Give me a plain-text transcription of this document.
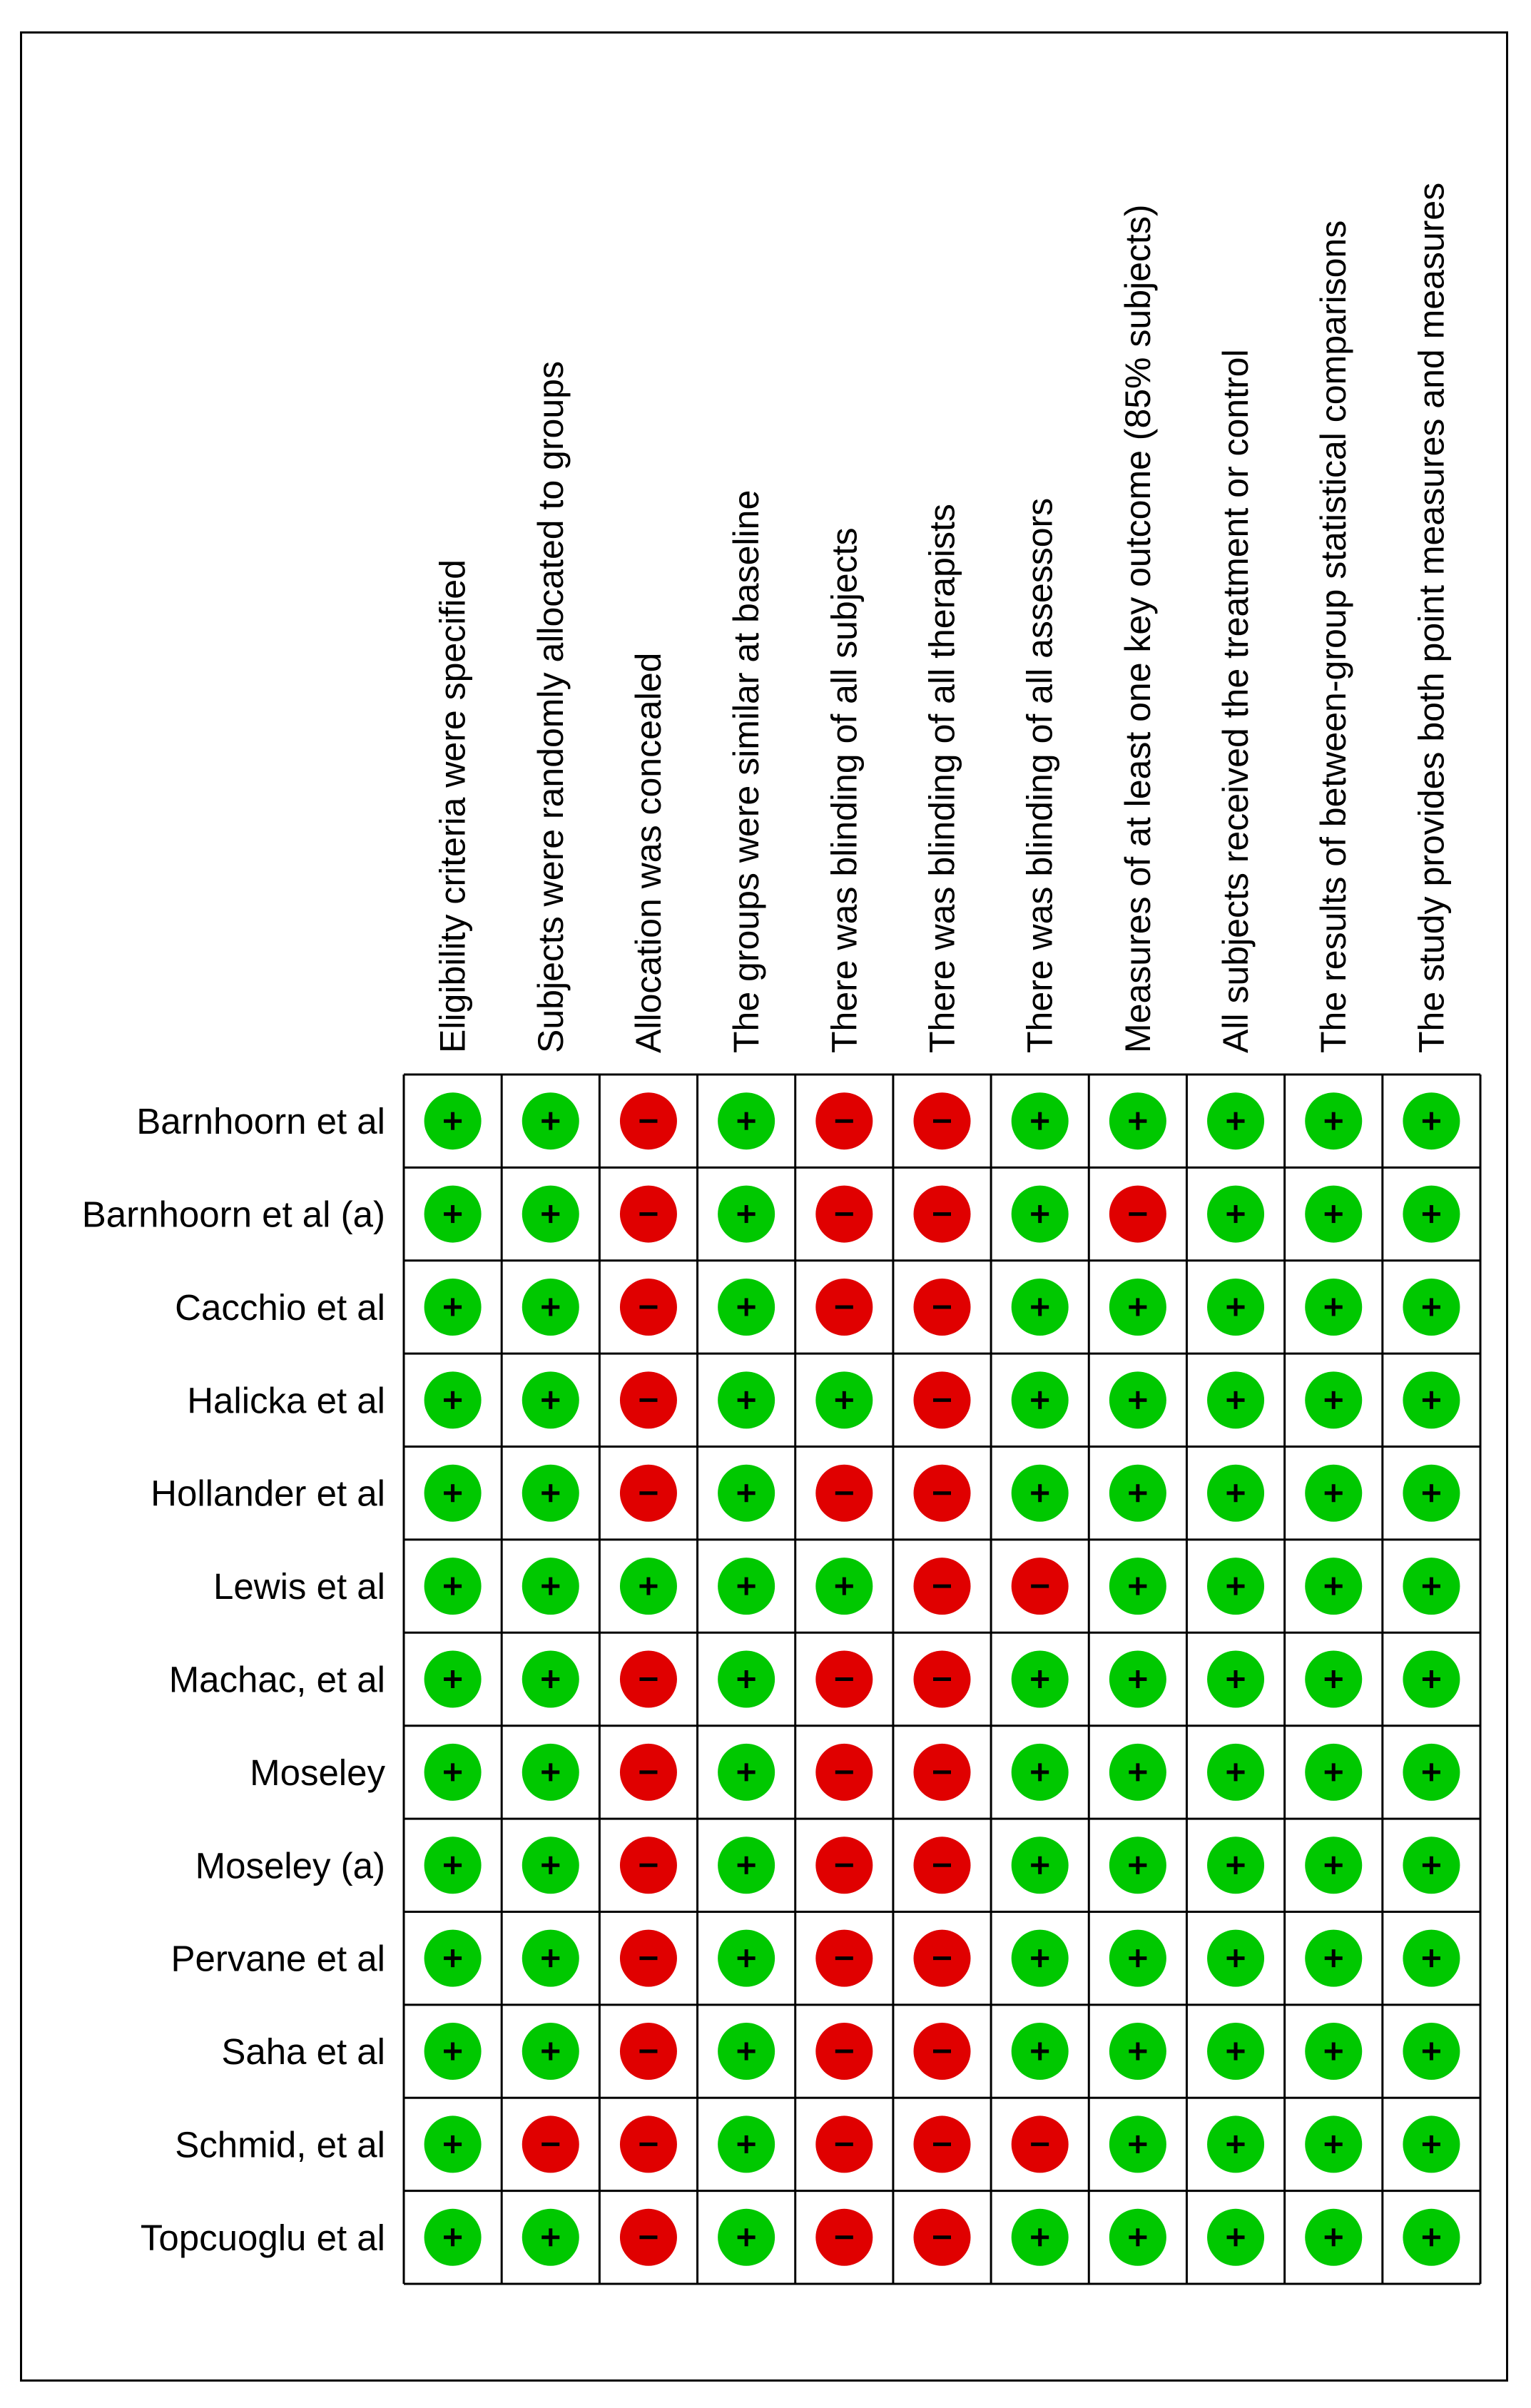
Eligibility criteria were specified Subjects were randomly allocated to groups Allocation was concealed The groups were similar at baseline There was blinding of all subjects There was blinding of all therapists There was blinding of all assessors Measures of at least one key outcome (85% subjects) All subjects received the treatment or control The results of between-group statistical comparisons The study provides both point measures and measures
Barnhoorn et al
Barnhoorn et al (a)
Cacchio et al
Halicka et al
Hollander et al
Lewis et al
Machac, et al
Moseley
Moseley (a)
Pervane et al
Saha et al
Schmid, et al
Topcuoglu et al
